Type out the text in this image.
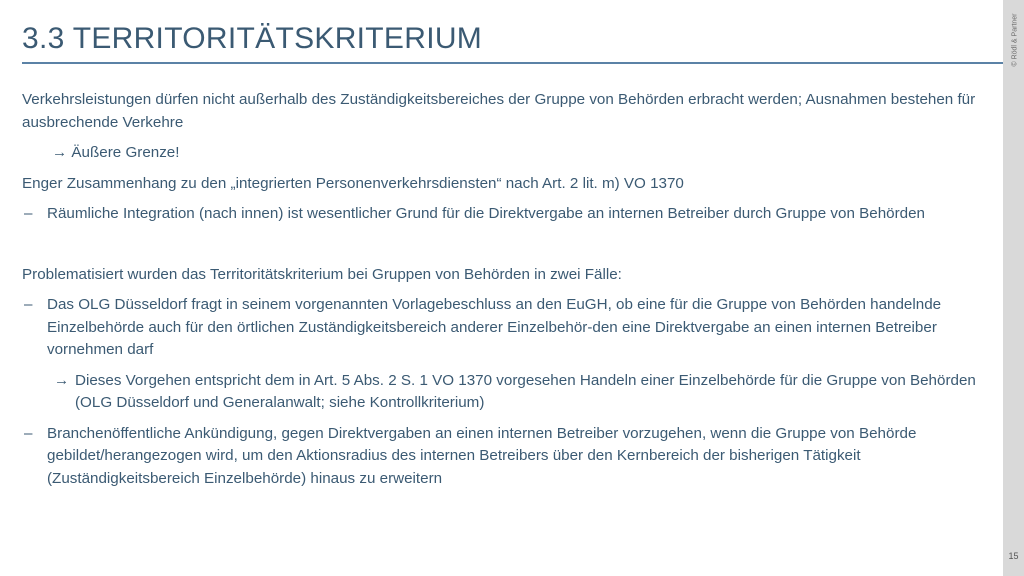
© Rödl & Partner
15
3.3 TERRITORITÄTSKRITERIUM

Verkehrsleistungen dürfen nicht außerhalb des Zuständigkeitsbereiches der Gruppe von Behörden erbracht werden; Ausnahmen bestehen für ausbrechende Verkehre

→ Äußere Grenze!

Enger Zusammenhang zu den „integrierten Personenverkehrsdiensten“ nach Art. 2 lit. m) VO 1370

– Räumliche Integration (nach innen) ist wesentlicher Grund für die Direktvergabe an internen Betreiber durch Gruppe von Behörden

Problematisiert wurden das Territoritätskriterium bei Gruppen von Behörden in zwei Fälle:

– Das OLG Düsseldorf fragt in seinem vorgenannten Vorlagebeschluss an den EuGH, ob eine für die Gruppe von Behörden handelnde Einzelbehörde auch für den örtlichen Zuständigkeitsbereich anderer Einzelbehör-den eine Direktvergabe an einen internen Betreiber vornehmen darf
→ Dieses Vorgehen entspricht dem in Art. 5 Abs. 2 S. 1 VO 1370 vorgesehen Handeln einer Einzelbehörde für die Gruppe von Behörden (OLG Düsseldorf und Generalanwalt; siehe Kontrollkriterium)
– Branchenöffentliche Ankündigung, gegen Direktvergaben an einen internen Betreiber vorzugehen, wenn die Gruppe von Behörde gebildet/herangezogen wird, um den Aktionsradius des internen Betreibers über den Kernbereich der bisherigen Tätigkeit (Zuständigkeitsbereich Einzelbehörde) hinaus zu erweitern
